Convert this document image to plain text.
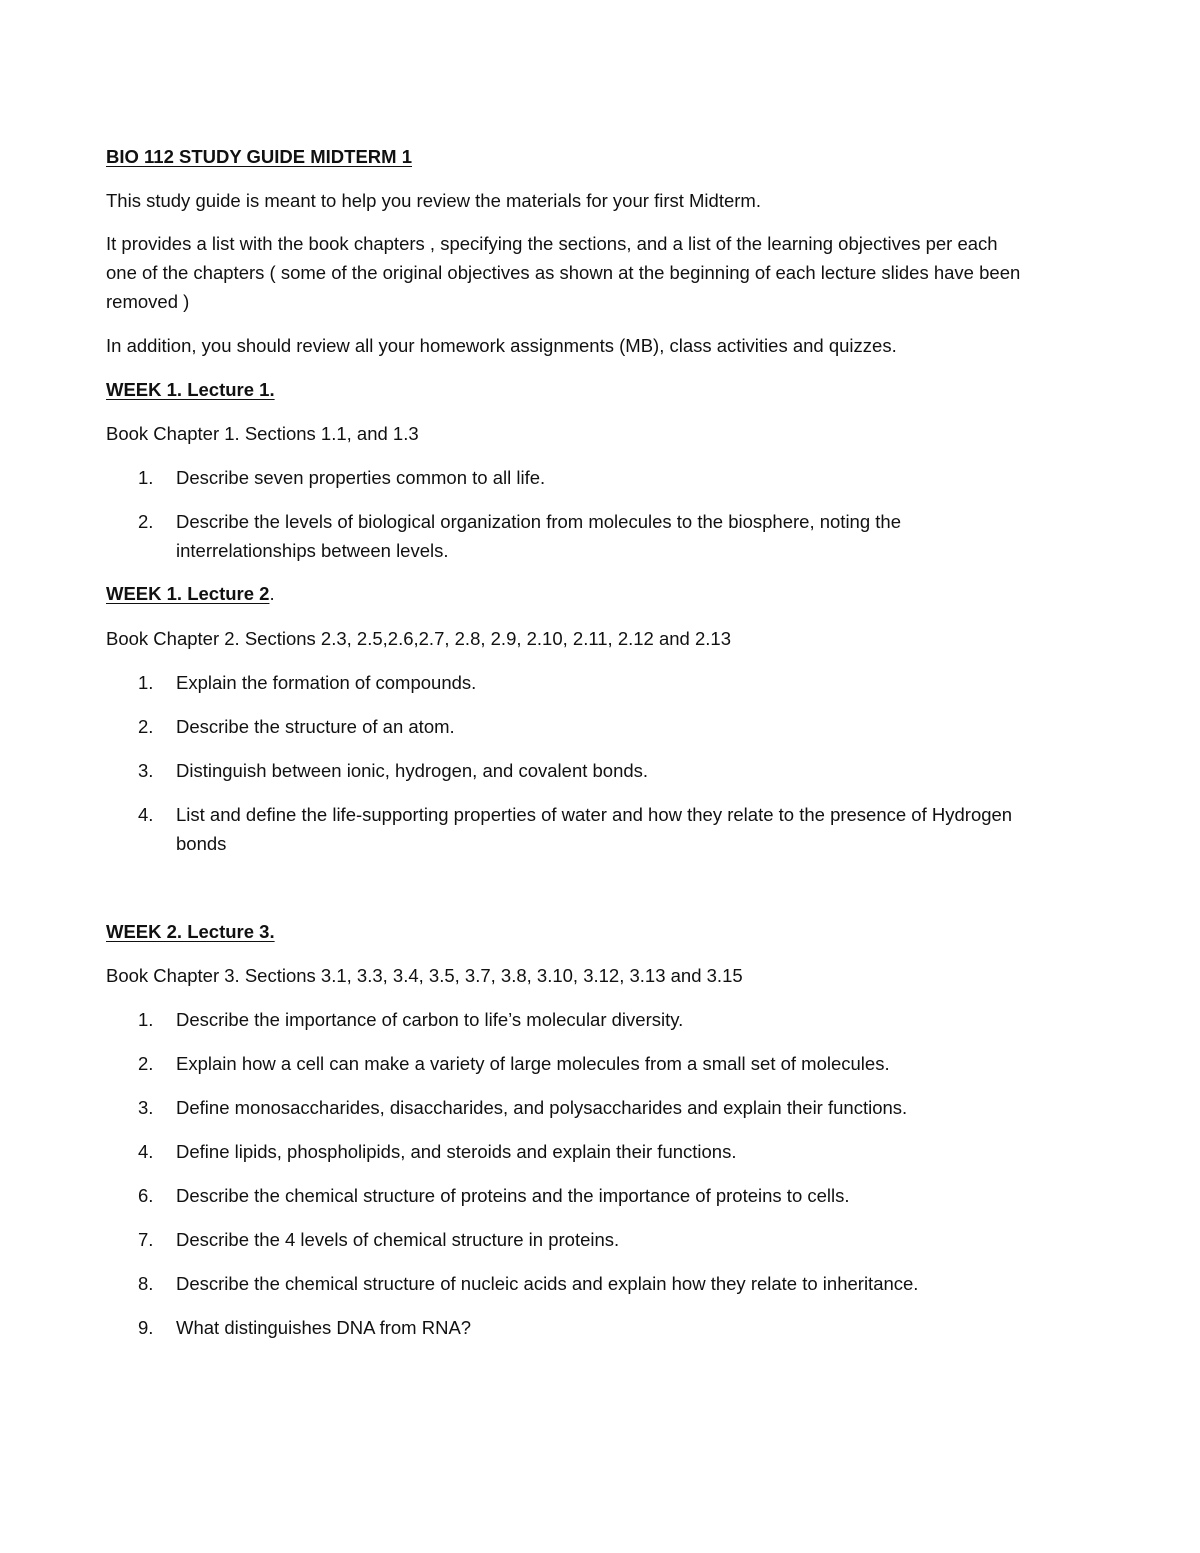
BIO 112 STUDY GUIDE MIDTERM 1
This study guide is meant to help you review the materials for your first Midterm.
It provides a list with the book chapters , specifying the sections, and a list of the learning objectives per each
one of the chapters ( some of the original objectives as shown at the beginning of each lecture slides have been
removed )
In addition, you should review all your homework assignments (MB), class activities and quizzes.
WEEK 1. Lecture 1.
Book Chapter 1. Sections 1.1, and 1.3
1. Describe seven properties common to all life.
2. Describe the levels of biological organization from molecules to the biosphere, noting the
interrelationships between levels.
WEEK 1. Lecture 2.
Book Chapter 2. Sections 2.3, 2.5,2.6,2.7, 2.8, 2.9, 2.10, 2.11, 2.12 and 2.13
1. Explain the formation of compounds.
2. Describe the structure of an atom.
3. Distinguish between ionic, hydrogen, and covalent bonds.
4. List and define the life-supporting properties of water and how they relate to the presence of Hydrogen
bonds
WEEK 2. Lecture 3.
Book Chapter 3. Sections 3.1, 3.3, 3.4, 3.5, 3.7, 3.8, 3.10, 3.12, 3.13 and 3.15
1. Describe the importance of carbon to life’s molecular diversity.
2. Explain how a cell can make a variety of large molecules from a small set of molecules.
3. Define monosaccharides, disaccharides, and polysaccharides and explain their functions.
4. Define lipids, phospholipids, and steroids and explain their functions.
6. Describe the chemical structure of proteins and the importance of proteins to cells.
7. Describe the 4 levels of chemical structure in proteins.
8. Describe the chemical structure of nucleic acids and explain how they relate to inheritance.
9. What distinguishes DNA from RNA?
